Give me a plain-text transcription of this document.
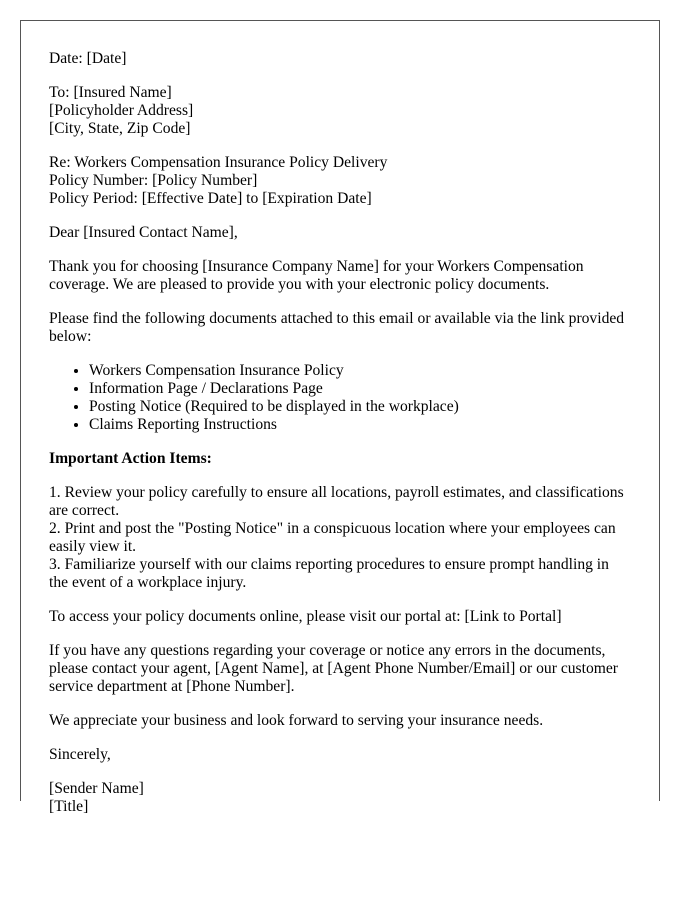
Date: [Date]

To: [Insured Name]
[Policyholder Address]
[City, State, Zip Code]

Re: Workers Compensation Insurance Policy Delivery
Policy Number: [Policy Number]
Policy Period: [Effective Date] to [Expiration Date]

Dear [Insured Contact Name],

Thank you for choosing [Insurance Company Name] for your Workers Compensation coverage. We are pleased to provide you with your electronic policy documents.

Please find the following documents attached to this email or available via the link provided below:

• Workers Compensation Insurance Policy
• Information Page / Declarations Page
• Posting Notice (Required to be displayed in the workplace)
• Claims Reporting Instructions

Important Action Items:

1. Review your policy carefully to ensure all locations, payroll estimates, and classifications are correct.
2. Print and post the "Posting Notice" in a conspicuous location where your employees can easily view it.
3. Familiarize yourself with our claims reporting procedures to ensure prompt handling in the event of a workplace injury.

To access your policy documents online, please visit our portal at: [Link to Portal]

If you have any questions regarding your coverage or notice any errors in the documents, please contact your agent, [Agent Name], at [Agent Phone Number/Email] or our customer service department at [Phone Number].

We appreciate your business and look forward to serving your insurance needs.

Sincerely,

[Sender Name]
[Title]
